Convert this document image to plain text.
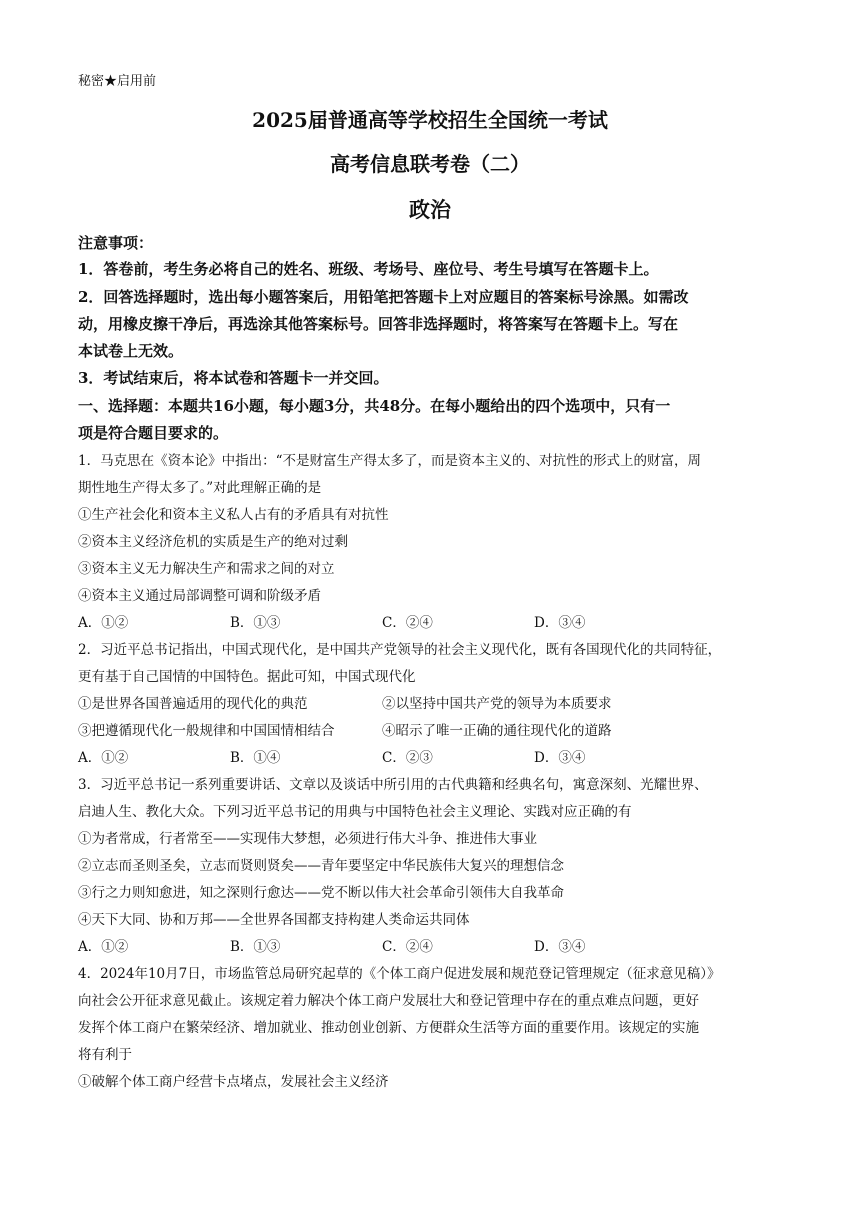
秘密★启用前
2025届普通高等学校招生全国统一考试
高考信息联考卷（二）
政治
注意事项：
1．答卷前，考生务必将自己的姓名、班级、考场号、座位号、考生号填写在答题卡上。
2．回答选择题时，选出每小题答案后，用铅笔把答题卡上对应题目的答案标号涂黑。如需改
动，用橡皮擦干净后，再选涂其他答案标号。回答非选择题时，将答案写在答题卡上。写在
本试卷上无效。
3．考试结束后，将本试卷和答题卡一并交回。
一、选择题：本题共16小题，每小题3分，共48分。在每小题给出的四个选项中，只有一
项是符合题目要求的。
1．马克思在《资本论》中指出：“不是财富生产得太多了，而是资本主义的、对抗性的形式上的财富，周
期性地生产得太多了。”对此理解正确的是
①生产社会化和资本主义私人占有的矛盾具有对抗性
②资本主义经济危机的实质是生产的绝对过剩
③资本主义无力解决生产和需求之间的对立
④资本主义通过局部调整可调和阶级矛盾
A．①②	B．①③	C．②④	D．③④
2．习近平总书记指出，中国式现代化，是中国共产党领导的社会主义现代化，既有各国现代化的共同特征，
更有基于自己国情的中国特色。据此可知，中国式现代化
①是世界各国普遍适用的现代化的典范	②以坚持中国共产党的领导为本质要求
③把遵循现代化一般规律和中国国情相结合	④昭示了唯一正确的通往现代化的道路
A．①②	B．①④	C．②③	D．③④
3．习近平总书记一系列重要讲话、文章以及谈话中所引用的古代典籍和经典名句，寓意深刻、光耀世界、
启迪人生、教化大众。下列习近平总书记的用典与中国特色社会主义理论、实践对应正确的有
①为者常成，行者常至——实现伟大梦想，必须进行伟大斗争、推进伟大事业
②立志而圣则圣矣，立志而贤则贤矣——青年要坚定中华民族伟大复兴的理想信念
③行之力则知愈进，知之深则行愈达——党不断以伟大社会革命引领伟大自我革命
④天下大同、协和万邦——全世界各国都支持构建人类命运共同体
A．①②	B．①③	C．②④	D．③④
4．2024年10月7日，市场监管总局研究起草的《个体工商户促进发展和规范登记管理规定（征求意见稿）》
向社会公开征求意见截止。该规定着力解决个体工商户发展壮大和登记管理中存在的重点难点问题，更好
发挥个体工商户在繁荣经济、增加就业、推动创业创新、方便群众生活等方面的重要作用。该规定的实施
将有利于
①破解个体工商户经营卡点堵点，发展社会主义经济
